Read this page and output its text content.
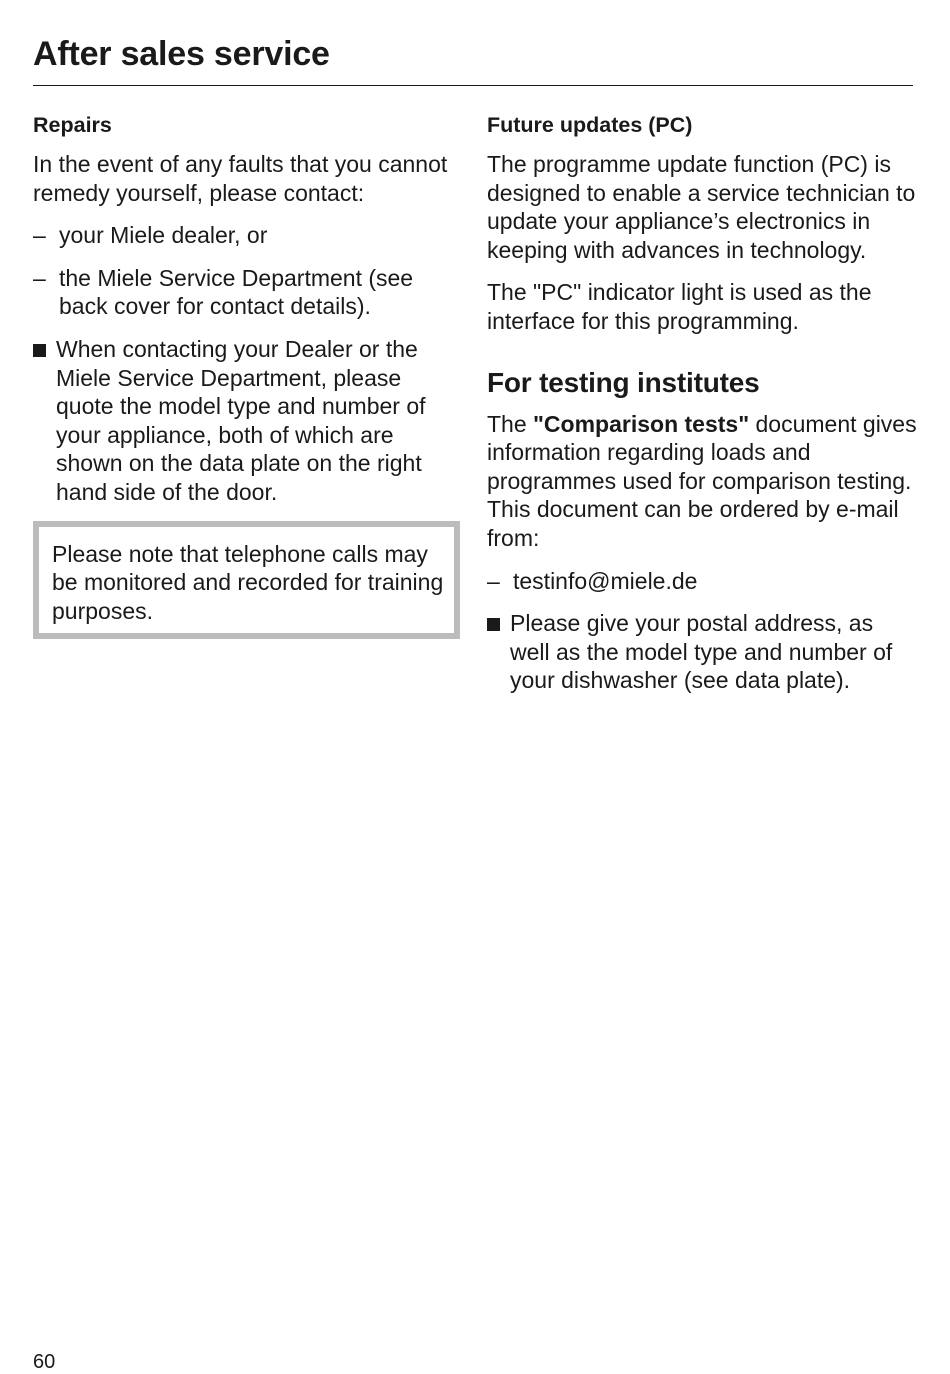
After sales service
Repairs

In the event of any faults that you cannot remedy yourself, please contact:

– your Miele dealer, or
– the Miele Service Department (see back cover for contact details).
When contacting your Dealer or the Miele Service Department, please quote the model type and number of your appliance, both of which are shown on the data plate on the right hand side of the door.

Please note that telephone calls may be monitored and recorded for training purposes.

Future updates (PC)

The programme update function (PC) is designed to enable a service technician to update your appliance’s electronics in keeping with advances in technology.

The "PC" indicator light is used as the interface for this programming.

For testing institutes

The "Comparison tests" document gives information regarding loads and programmes used for comparison testing.

This document can be ordered by e-mail from:

– testinfo@miele.de
Please give your postal address, as well as the model type and number of your dishwasher (see data plate).
60
